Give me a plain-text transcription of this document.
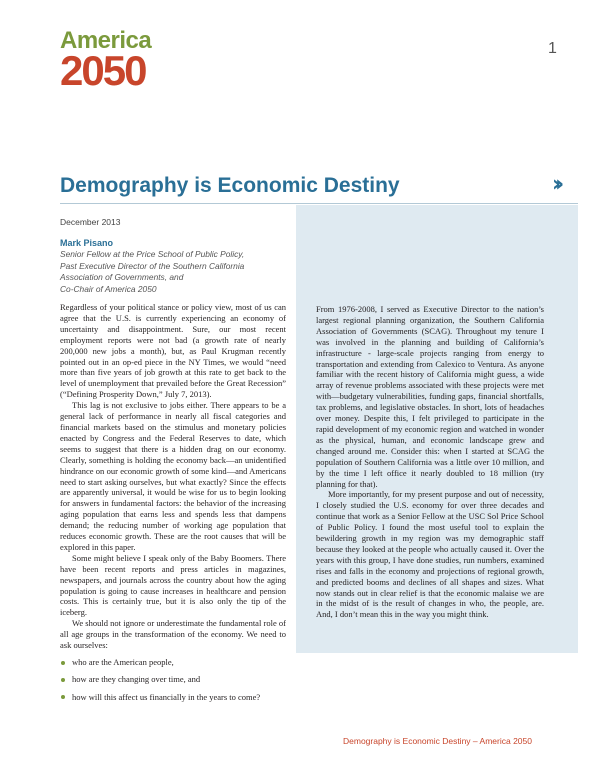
America
2050	1
Demography is Economic Destiny	››
December 2013
Mark Pisano
Senior Fellow at the Price School of Public Policy,
Past Executive Director of the Southern California
Association of Governments, and
Co-Chair of America 2050

Regardless of your political stance or policy view, most of us can agree that the U.S. is currently experiencing an economy of uncertainty and disappointment. Sure, our most recent employment reports were not bad (a growth rate of nearly 200,000 new jobs a month), but, as Paul Krugman recently pointed out in an op-ed piece in the NY Times, we would “need more than five years of job growth at this rate to get back to the level of unemployment that prevailed before the Great Recession” (“Defining Prosperity Down,” July 7, 2013).

This lag is not exclusive to jobs either. There appears to be a general lack of performance in nearly all fiscal categories and financial markets based on the stimulus and monetary policies enacted by Congress and the Federal Reserves to date, which seems to suggest that there is a hidden drag on our economy. Clearly, something is holding the economy back—an unidentified hindrance on our economic growth of some kind—and Americans need to start asking ourselves, but what exactly? Since the effects are apparently universal, it would be wise for us to begin looking for answers in fundamental factors: the behavior of the increasing aging population that earns less and spends less that dampens demand; the reducing number of working age population that reduces economic growth. These are the root causes that will be explored in this paper.

Some might believe I speak only of the Baby Boomers. There have been recent reports and press articles in magazines, newspapers, and journals across the country about how the aging population is going to cause increases in healthcare and pension costs. This is certainly true, but it is also only the tip of the iceberg.

We should not ignore or underestimate the fundamental role of all age groups in the transformation of the economy. We need to ask ourselves:

who are the American people,
how are they changing over time, and
how will this affect us financially in the years to come?

From 1976-2008, I served as Executive Director to the nation’s largest regional planning organization, the Southern California Association of Governments (SCAG). Throughout my tenure I was involved in the planning and building of California’s infrastructure - large-scale projects ranging from energy to transportation and extending from Calexico to Ventura. As anyone familiar with the recent history of California might guess, a wide array of revenue problems associated with these projects were met with—budgetary vulnerabilities, funding gaps, financial shortfalls, tax problems, and legislative obstacles. In short, lots of headaches over money. Despite this, I felt privileged to participate in the rapid development of my economic region and watched in wonder as the physical, human, and economic landscape grew and changed around me. Consider this: when I started at SCAG the population of Southern California was a little over 10 million, and by the time I left office it nearly doubled to 18 million (try planning for that).

More importantly, for my present purpose and out of necessity, I closely studied the U.S. economy for over three decades and continue that work as a Senior Fellow at the USC Sol Price School of Public Policy. I found the most useful tool to explain the bewildering growth in my region was my demographic staff because they looked at the people who actually caused it. Over the years with this group, I have done studies, run numbers, examined rises and falls in the economy and projections of regional growth, and predicted booms and declines of all shapes and sizes. What now stands out in clear relief is that the economic malaise we are in the midst of is the result of changes in who, the people, are. And, I don’t mean this in the way you might think.

Demography is Economic Destiny – America 2050
